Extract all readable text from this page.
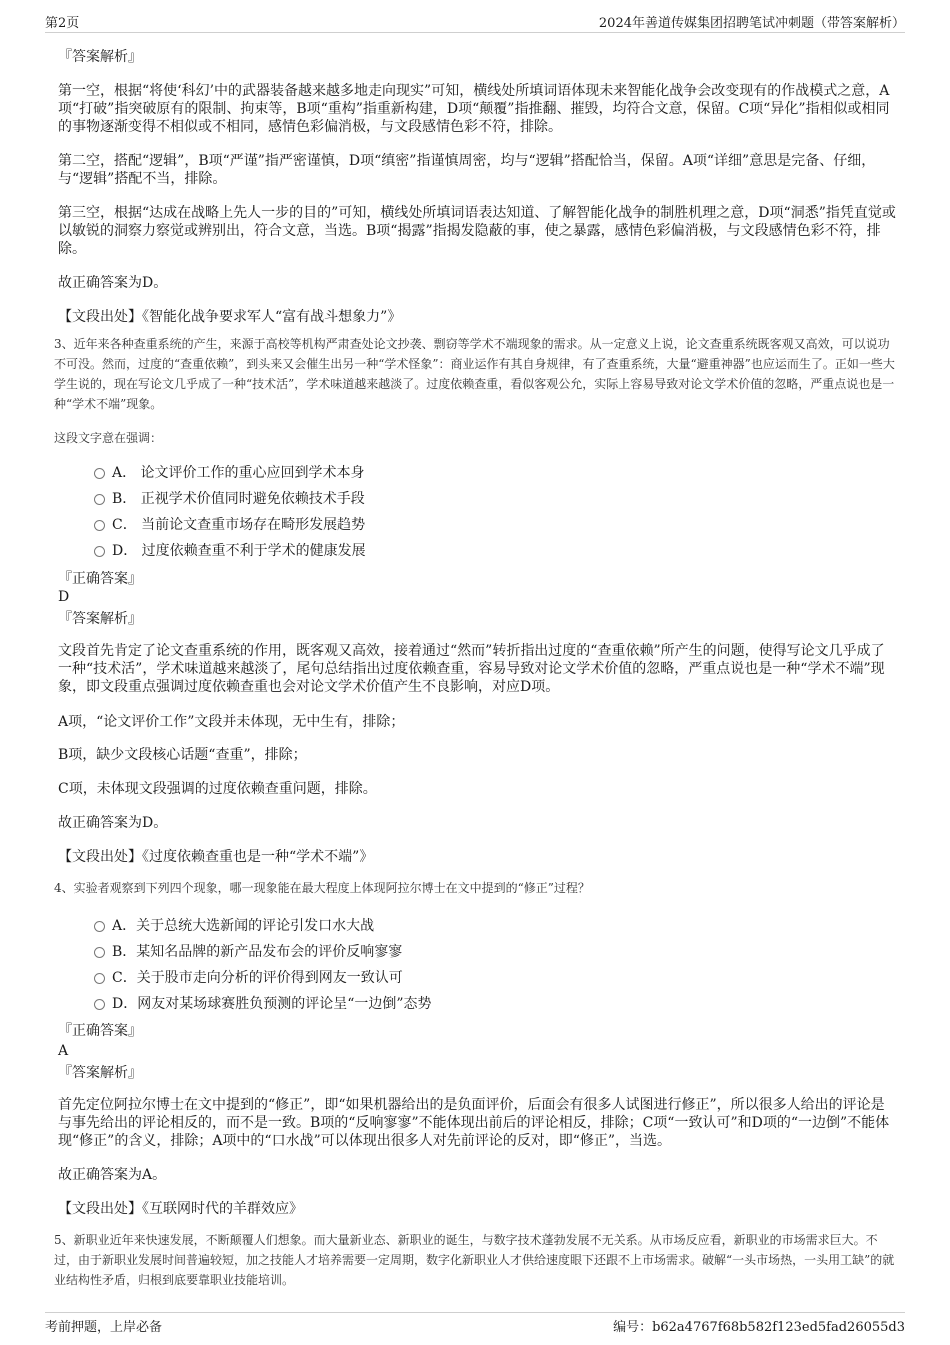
第2页	2024年善道传媒集团招聘笔试冲刺题（带答案解析）

『答案解析』

第一空，根据“将使‘科幻’中的武器装备越来越多地走向现实”可知，横线处所填词语体现未来智能化战争会改变现有的作战模式之意，A项“打破”指突破原有的限制、拘束等，B项“重构”指重新构建，D项“颠覆”指推翻、摧毁，均符合文意，保留。C项“异化”指相似或相同的事物逐渐变得不相似或不相同，感情色彩偏消极，与文段感情色彩不符，排除。

第二空，搭配“逻辑”，B项“严谨”指严密谨慎，D项“缜密”指谨慎周密，均与“逻辑”搭配恰当，保留。A项“详细”意思是完备、仔细，与“逻辑”搭配不当，排除。

第三空，根据“达成在战略上先人一步的目的”可知，横线处所填词语表达知道、了解智能化战争的制胜机理之意，D项“洞悉”指凭直觉或以敏锐的洞察力察觉或辨别出，符合文意，当选。B项“揭露”指揭发隐蔽的事，使之暴露，感情色彩偏消极，与文段感情色彩不符，排除。

故正确答案为D。

【文段出处】《智能化战争要求军人“富有战斗想象力”》

3、近年来各种查重系统的产生，来源于高校等机构严肃查处论文抄袭、剽窃等学术不端现象的需求。从一定意义上说，论文查重系统既客观又高效，可以说功不可没。然而，过度的“查重依赖”，到头来又会催生出另一种“学术怪象”：商业运作有其自身规律，有了查重系统，大量“避重神器”也应运而生了。正如一些大学生说的，现在写论文几乎成了一种“技术活”，学术味道越来越淡了。过度依赖查重，看似客观公允，实际上容易导致对论文学术价值的忽略，严重点说也是一种“学术不端”现象。

这段文字意在强调：

A． 论文评价工作的重心应回到学术本身
B． 正视学术价值同时避免依赖技术手段
C． 当前论文查重市场存在畸形发展趋势
D． 过度依赖查重不利于学术的健康发展

『正确答案』

D

『答案解析』

文段首先肯定了论文查重系统的作用，既客观又高效，接着通过“然而”转折指出过度的“查重依赖”所产生的问题，使得写论文几乎成了一种“技术活”，学术味道越来越淡了，尾句总结指出过度依赖查重，容易导致对论文学术价值的忽略，严重点说也是一种“学术不端”现象，即文段重点强调过度依赖查重也会对论文学术价值产生不良影响，对应D项。

A项，“论文评价工作”文段并未体现，无中生有，排除；

B项，缺少文段核心话题“查重”，排除；

C项，未体现文段强调的过度依赖查重问题，排除。

故正确答案为D。

【文段出处】《过度依赖查重也是一种“学术不端”》

4、实验者观察到下列四个现象，哪一现象能在最大程度上体现阿拉尔博士在文中提到的“修正”过程？

A．关于总统大选新闻的评论引发口水大战
B．某知名品牌的新产品发布会的评价反响寥寥
C．关于股市走向分析的评价得到网友一致认可
D．网友对某场球赛胜负预测的评论呈“一边倒”态势

『正确答案』

A

『答案解析』

首先定位阿拉尔博士在文中提到的“修正”，即“如果机器给出的是负面评价，后面会有很多人试图进行修正”，所以很多人给出的评论是与事先给出的评论相反的，而不是一致。B项的“反响寥寥”不能体现出前后的评论相反，排除；C项“一致认可”和D项的“一边倒”不能体现“修正”的含义，排除；A项中的“口水战”可以体现出很多人对先前评论的反对，即“修正”，当选。

故正确答案为A。

【文段出处】《互联网时代的羊群效应》

5、新职业近年来快速发展，不断颠覆人们想象。而大量新业态、新职业的诞生，与数字技术蓬勃发展不无关系。从市场反应看，新职业的市场需求巨大。不过，由于新职业发展时间普遍较短，加之技能人才培养需要一定周期，数字化新职业人才供给速度眼下还跟不上市场需求。破解“一头市场热，一头用工缺”的就业结构性矛盾，归根到底要靠职业技能培训。

考前押题，上岸必备	编号：b62a4767f68b582f123ed5fad26055d3
